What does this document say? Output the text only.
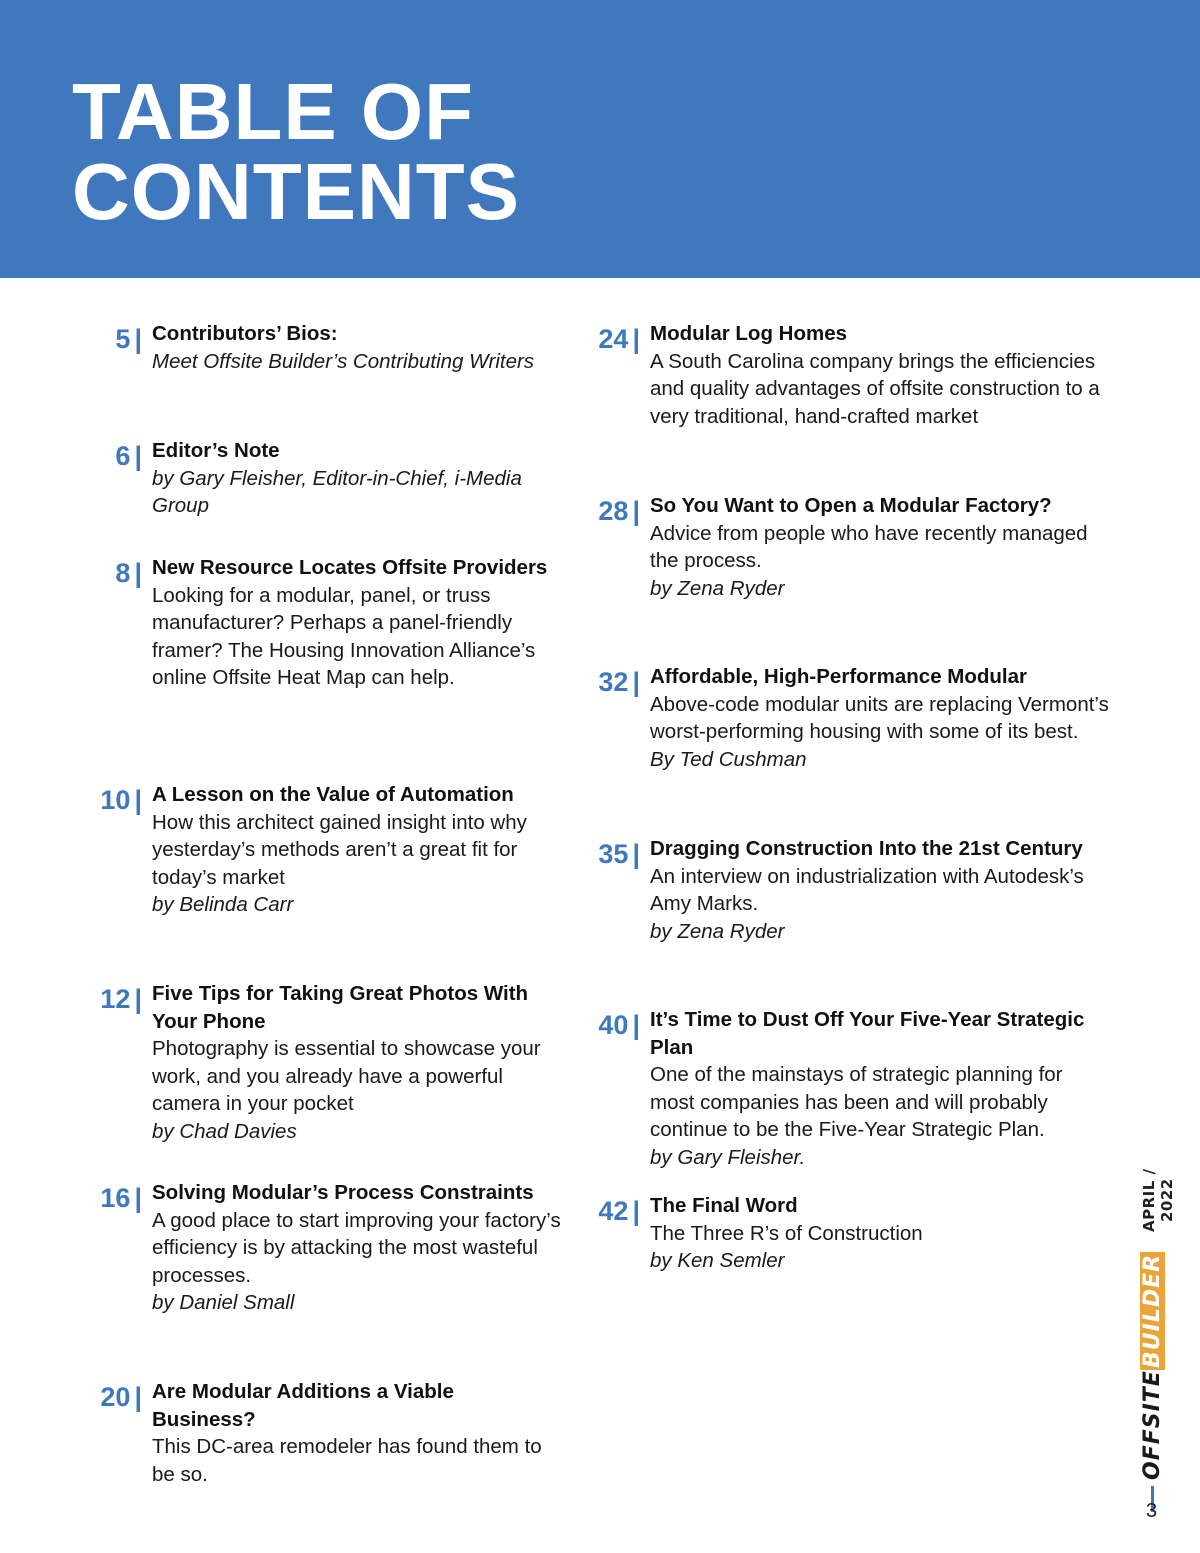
TABLE OF
CONTENTS
5 | Contributors’ Bios:
Meet Offsite Builder’s Contributing Writers
6 | Editor’s Note
by Gary Fleisher, Editor-in-Chief, i-Media Group
8 | New Resource Locates Offsite Providers
Looking for a modular, panel, or truss manufacturer? Perhaps a panel-friendly framer? The Housing Innovation Alliance’s online Offsite Heat Map can help.
10 | A Lesson on the Value of Automation
How this architect gained insight into why yesterday’s methods aren’t a great fit for today’s market
by Belinda Carr
12 | Five Tips for Taking Great Photos With Your Phone
Photography is essential to showcase your work, and you already have a powerful camera in your pocket
by Chad Davies
16 | Solving Modular’s Process Constraints
A good place to start improving your factory’s efficiency is by attacking the most wasteful processes.
by Daniel Small
20 | Are Modular Additions a Viable Business?
This DC-area remodeler has found them to be so.
24 | Modular Log Homes
A South Carolina company brings the efficiencies and quality advantages of offsite construction to a very traditional, hand-crafted market
28 | So You Want to Open a Modular Factory?
Advice from people who have recently managed the process.
by Zena Ryder
32 | Affordable, High-Performance Modular
Above-code modular units are replacing Vermont’s worst-performing housing with some of its best.
By Ted Cushman
35 | Dragging Construction Into the 21st Century
An interview on industrialization with Autodesk’s Amy Marks.
by Zena Ryder
40 | It’s Time to Dust Off Your Five-Year Strategic Plan
One of the mainstays of strategic planning for most companies has been and will probably continue to be the Five-Year Strategic Plan.
by Gary Fleisher.
42 | The Final Word
The Three R’s of Construction
by Ken Semler
APRIL / 2022
OFFSITEBUILDER
3
